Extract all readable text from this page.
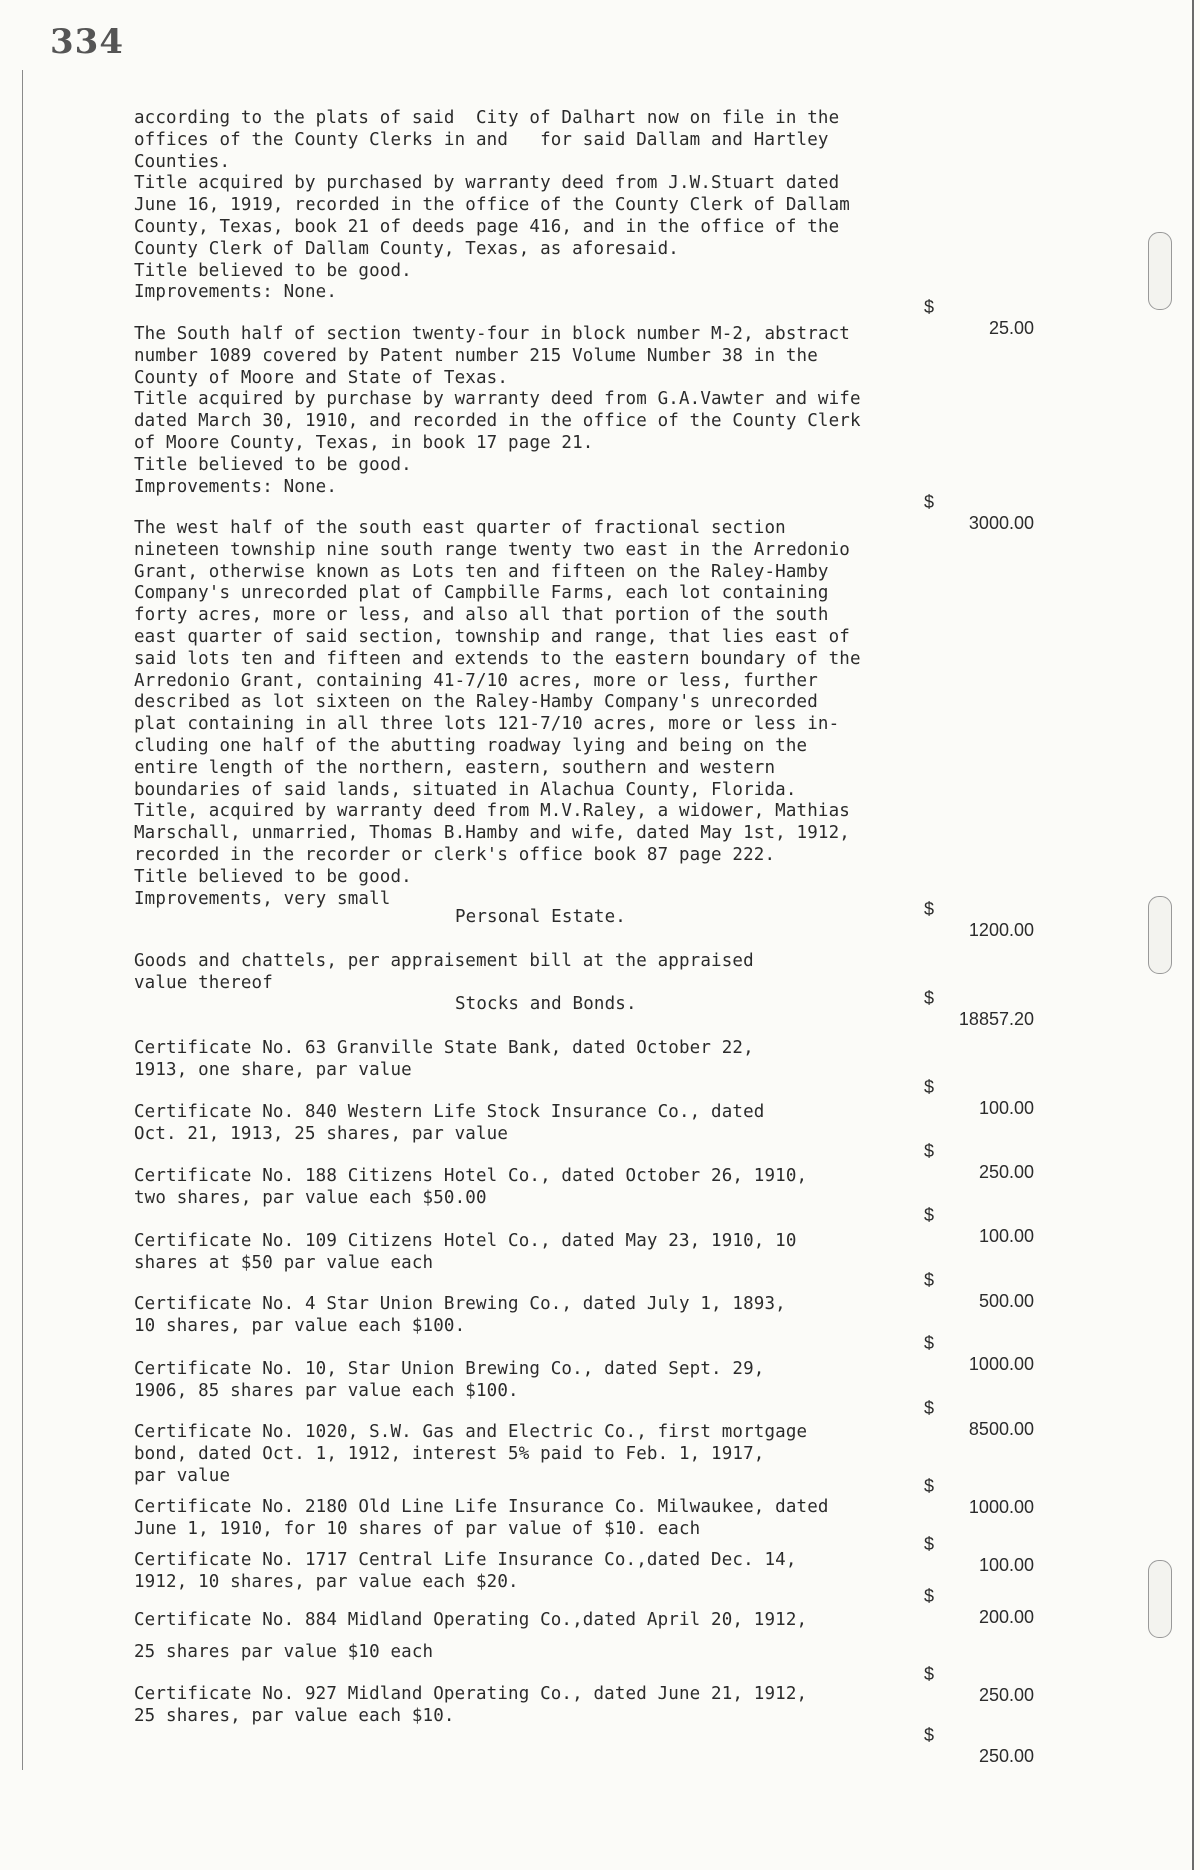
334
according to the plats of said  City of Dalhart now on file in the
offices of the County Clerks in and   for said Dallam and Hartley
Counties.
Title acquired by purchased by warranty deed from J.W.Stuart dated
June 16, 1919, recorded in the office of the County Clerk of Dallam
County, Texas, book 21 of deeds page 416, and in the office of the
County Clerk of Dallam County, Texas, as aforesaid.
Title believed to be good.
Improvements: None.

$

25.00

The South half of section twenty-four in block number M-2, abstract
number 1089 covered by Patent number 215 Volume Number 38 in the
County of Moore and State of Texas.
Title acquired by purchase by warranty deed from G.A.Vawter and wife
dated March 30, 1910, and recorded in the office of the County Clerk
of Moore County, Texas, in book 17 page 21.
Title believed to be good.
Improvements: None.

$

3000.00

The west half of the south east quarter of fractional section
nineteen township nine south range twenty two east in the Arredonio
Grant, otherwise known as Lots ten and fifteen on the Raley-Hamby
Company's unrecorded plat of Campbille Farms, each lot containing
forty acres, more or less, and also all that portion of the south
east quarter of said section, township and range, that lies east of
said lots ten and fifteen and extends to the eastern boundary of the
Arredonio Grant, containing 41-7/10 acres, more or less, further
described as lot sixteen on the Raley-Hamby Company's unrecorded
plat containing in all three lots 121-7/10 acres, more or less in-
cluding one half of the abutting roadway lying and being on the
entire length of the northern, eastern, southern and western
boundaries of said lands, situated in Alachua County, Florida.
Title, acquired by warranty deed from M.V.Raley, a widower, Mathias
Marschall, unmarried, Thomas B.Hamby and wife, dated May 1st, 1912,
recorded in the recorder or clerk's office book 87 page 222.
Title believed to be good.
Improvements, very small

$

1200.00

Personal Estate.
Goods and chattels, per appraisement bill at the appraised
value thereof

$

18857.20

Stocks and Bonds.
Certificate No. 63 Granville State Bank, dated October 22,
1913, one share, par value

$

100.00

Certificate No. 840 Western Life Stock Insurance Co., dated
Oct. 21, 1913, 25 shares, par value

$

250.00

Certificate No. 188 Citizens Hotel Co., dated October 26, 1910,
two shares, par value each $50.00

$

100.00

Certificate No. 109 Citizens Hotel Co., dated May 23, 1910, 10
shares at $50 par value each

$

500.00

Certificate No. 4 Star Union Brewing Co., dated July 1, 1893,
10 shares, par value each $100.

$

1000.00

Certificate No. 10, Star Union Brewing Co., dated Sept. 29,
1906, 85 shares par value each $100.

$

8500.00

Certificate No. 1020, S.W. Gas and Electric Co., first mortgage
bond, dated Oct. 1, 1912, interest 5% paid to Feb. 1, 1917,
par value

$

1000.00

Certificate No. 2180 Old Line Life Insurance Co. Milwaukee, dated
June 1, 1910, for 10 shares of par value of $10. each

$

100.00

Certificate No. 1717 Central Life Insurance Co.,dated Dec. 14,
1912, 10 shares, par value each $20.

$

200.00

Certificate No. 884 Midland Operating Co.,dated April 20, 1912,
25 shares par value $10 each

$

250.00

Certificate No. 927 Midland Operating Co., dated June 21, 1912,
25 shares, par value each $10.

$

250.00
